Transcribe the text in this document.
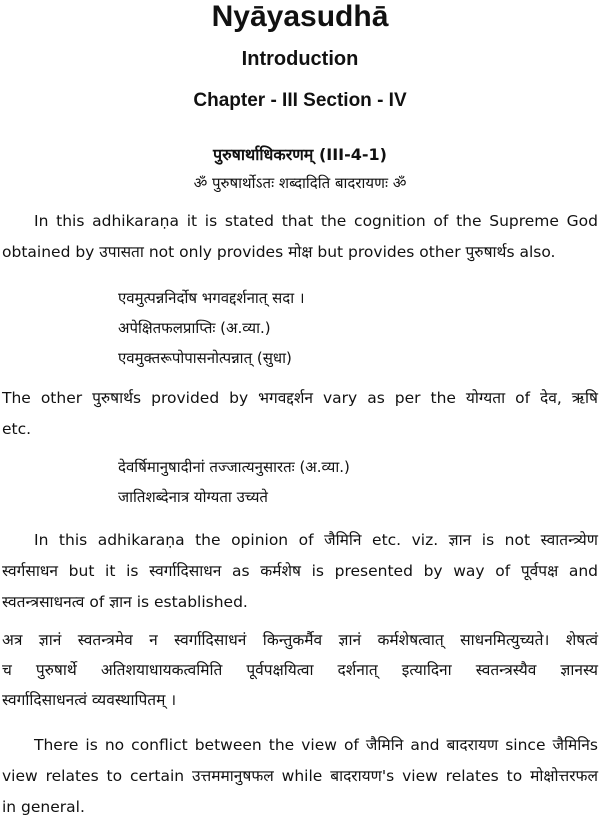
Nyāyasudhā
Introduction
Chapter - III Section - IV
पुरुषार्थाधिकरणम् (III-4-1)
ॐ पुरुषार्थोऽतः शब्दादिति बादरायणः ॐ
In this adhikaraṇa it is stated that the cognition of the Supreme God
obtained by उपासता not only provides मोक्ष but provides other पुरुषार्थs also.
एवमुत्पन्ननिर्दोष भगवद्दर्शनात् सदा ।
अपेक्षितफलप्राप्तिः (अ.व्या.)
एवमुक्तरूपोपासनोत्पन्नात् (सुधा)
The other पुरुषार्थs provided by भगवद्दर्शन vary as per the योग्यता of देव, ऋषि
etc.
देवर्षिमानुषादीनां तज्जात्यनुसारतः (अ.व्या.)
जातिशब्देनात्र योग्यता उच्यते
In this adhikaraṇa the opinion of जैमिनि etc. viz. ज्ञान is not स्वातन्त्र्येण
स्वर्गसाधन but it is स्वर्गादिसाधन as कर्मशेष is presented by way of पूर्वपक्ष and
स्वतन्त्रसाधनत्व of ज्ञान is established.
अत्र ज्ञानं स्वतन्त्रमेव न स्वर्गादिसाधनं किन्तुकर्मैव ज्ञानं कर्मशेषत्वात् साधनमित्युच्यते। शेषत्वं
च पुरुषार्थे अतिशयाधायकत्वमिति पूर्वपक्षयित्वा दर्शनात् इत्यादिना स्वतन्त्रस्यैव ज्ञानस्य
स्वर्गादिसाधनत्वं व्यवस्थापितम् ।
There is no conflict between the view of जैमिनि and बादरायण since जैमिनिs
view relates to certain उत्तममानुषफल while बादरायण's view relates to मोक्षोत्तरफल
in general.
